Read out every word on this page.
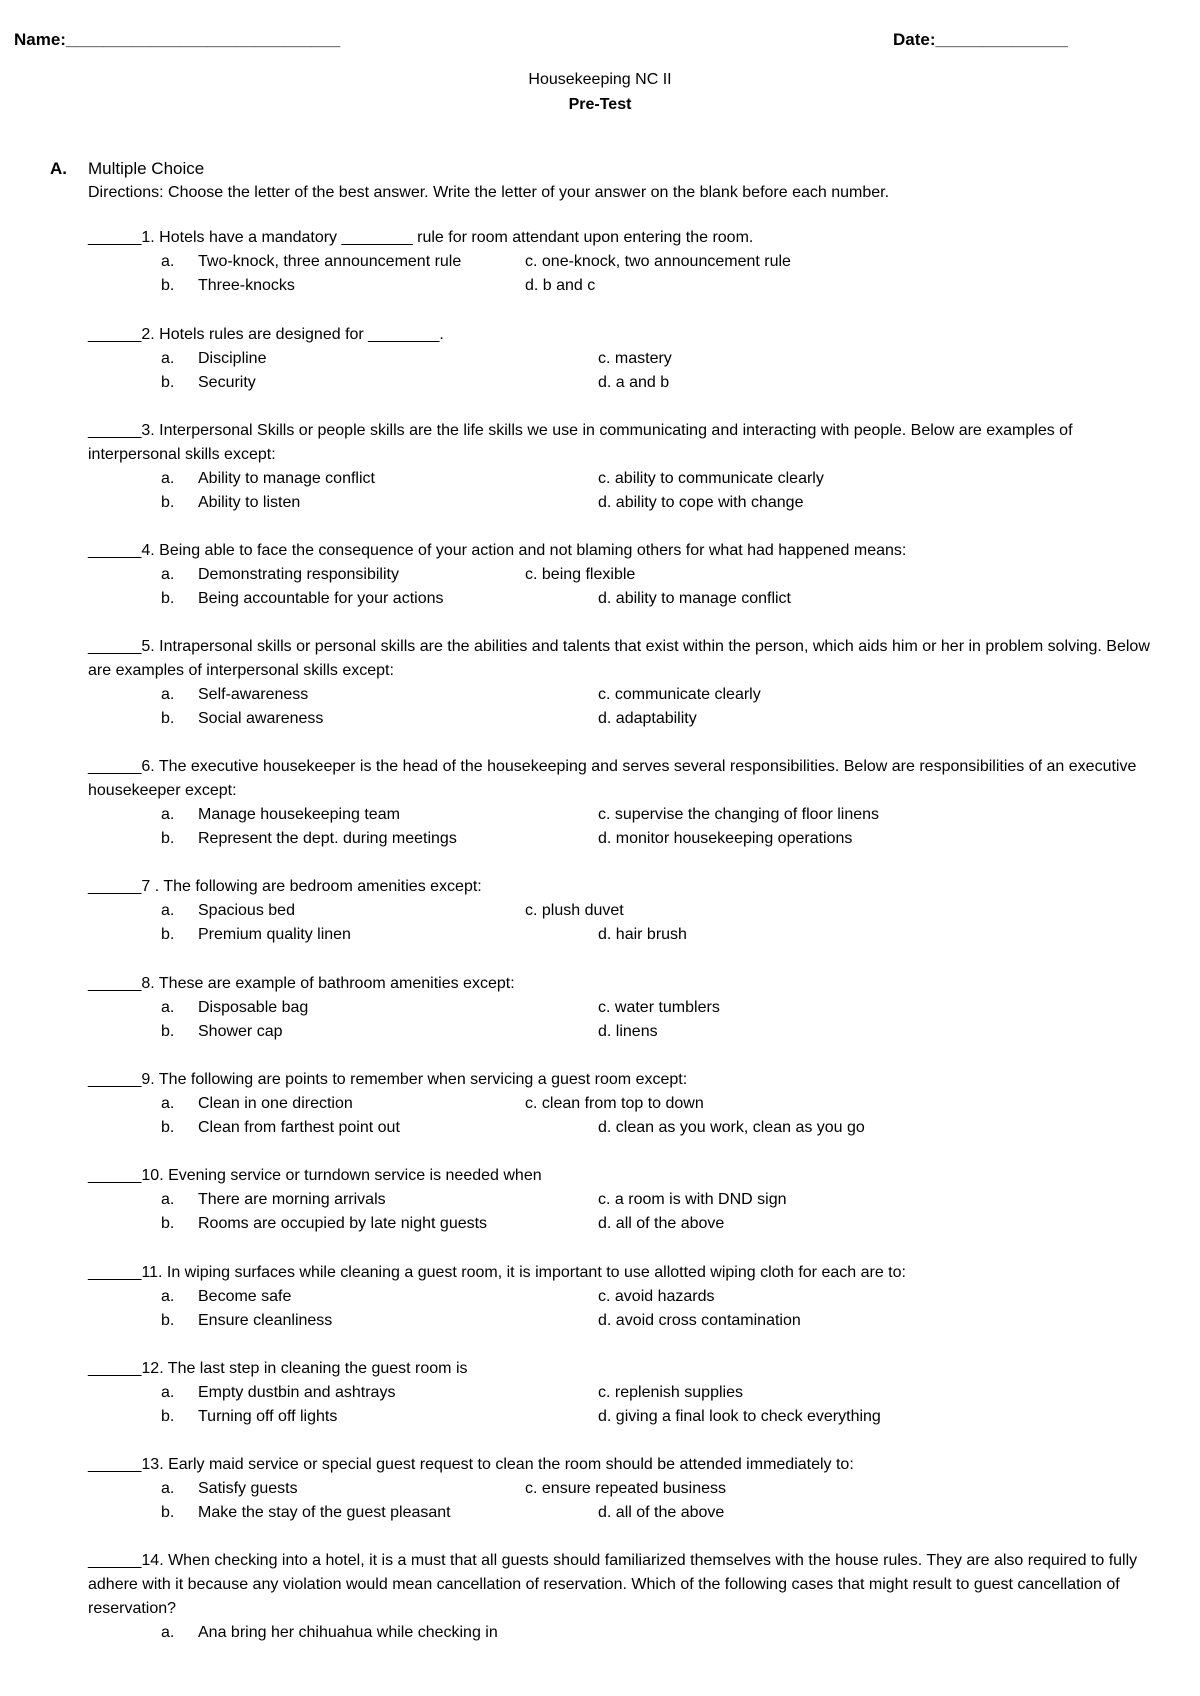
Name:_____________________________	Date:______________
Housekeeping NC II
Pre-Test
A. Multiple Choice
Directions: Choose the letter of the best answer. Write the letter of your answer on the blank before each number.
______1. Hotels have a mandatory ________ rule for room attendant upon entering the room.
a. Two-knock, three announcement rule	c. one-knock, two announcement rule
b. Three-knocks	d. b and c
______2. Hotels rules are designed for ________.
a. Discipline	c. mastery
b. Security	d. a and b
______3. Interpersonal Skills or people skills are the life skills we use in communicating and interacting with people. Below are examples of interpersonal skills except:
a. Ability to manage conflict	c. ability to communicate clearly
b. Ability to listen	d. ability to cope with change
______4. Being able to face the consequence of your action and not blaming others for what had happened means:
a. Demonstrating responsibility	c. being flexible
b. Being accountable for your actions	d. ability to manage conflict
______5. Intrapersonal skills or personal skills are the abilities and talents that exist within the person, which aids him or her in problem solving. Below are examples of interpersonal skills except:
a. Self-awareness	c. communicate clearly
b. Social awareness	d. adaptability
______6. The executive housekeeper is the head of the housekeeping and serves several responsibilities. Below are responsibilities of an executive housekeeper except:
a. Manage housekeeping team	c. supervise the changing of floor linens
b. Represent the dept. during meetings	d. monitor housekeeping operations
______7 . The following are bedroom amenities except:
a. Spacious bed	c. plush duvet
b. Premium quality linen	d. hair brush
______8. These are example of bathroom amenities except:
a. Disposable bag	c. water tumblers
b. Shower cap	d. linens
______9. The following are points to remember when servicing a guest room except:
a. Clean in one direction	c. clean from top to down
b. Clean from farthest point out	d. clean as you work, clean as you go
______10. Evening service or turndown service is needed when
a. There are morning arrivals	c. a room is with DND sign
b. Rooms are occupied by late night guests	d. all of the above
______11. In wiping surfaces while cleaning a guest room, it is important to use allotted wiping cloth for each are to:
a. Become safe	c. avoid hazards
b. Ensure cleanliness	d. avoid cross contamination
______12. The last step in cleaning the guest room is
a. Empty dustbin and ashtrays	c. replenish supplies
b. Turning off off lights	d. giving a final look to check everything
______13. Early maid service or special guest request to clean the room should be attended immediately to:
a. Satisfy guests	c. ensure repeated business
b. Make the stay of the guest pleasant	d. all of the above
______14. When checking into a hotel, it is a must that all guests should familiarized themselves with the house rules. They are also required to fully adhere with it because any violation would mean cancellation of reservation. Which of the following cases that might result to guest cancellation of reservation?
a. Ana bring her chihuahua while checking in
